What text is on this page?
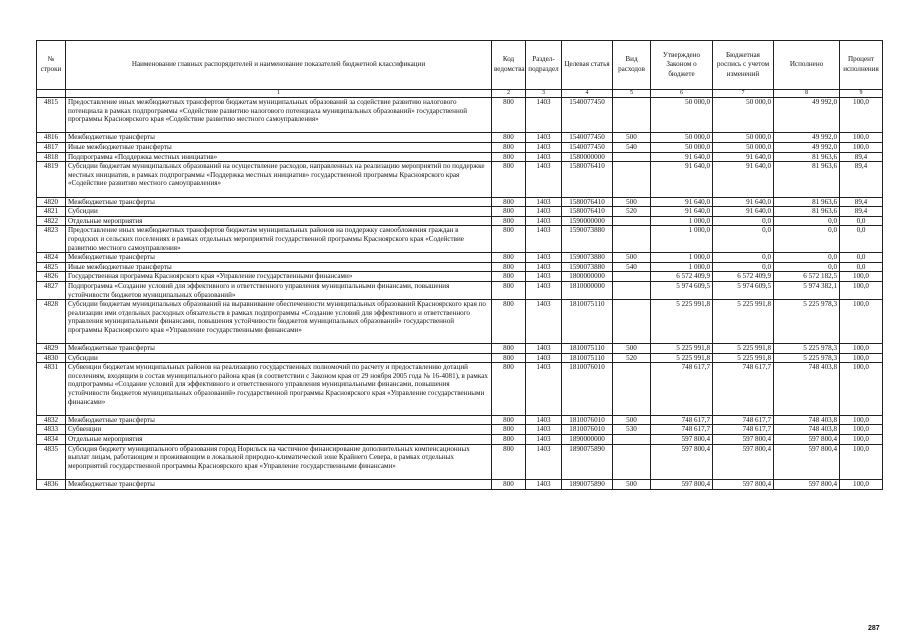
№ строки	Наименование главных распорядителей и наименование показателей бюджетной классификации	Код ведомства	Раздел-подраздел	Целевая статья	Вид расходов	Утверждено Законом о бюджете	Бюджетная роспись с учетом изменений	Исполнено	Процент исполнения
	1	2	3	4	5	6	7	8	9
4815	Предоставление иных межбюджетных трансфертов бюджетам муниципальных образований за содействие развитию налогового потенциала в рамках подпрограммы «Содействие развитию налогового потенциала муниципальных образований» государственной программы Красноярского края «Содействие развитию местного самоуправления»	800	1403	1540077450		50 000,0	50 000,0	49 992,0	100,0
4816	Межбюджетные трансферты	800	1403	1540077450	500	50 000,0	50 000,0	49 992,0	100,0
4817	Иные межбюджетные трансферты	800	1403	1540077450	540	50 000,0	50 000,0	49 992,0	100,0
4818	Подпрограмма «Поддержка местных инициатив»	800	1403	1580000000		91 640,0	91 640,0	81 963,6	89,4
4819	Субсидии бюджетам муниципальных образований на осуществление расходов, направленных на реализацию мероприятий по поддержке местных инициатив, в рамках подпрограммы «Поддержка местных инициатив» государственной программы Красноярского края «Содействие развитию местного самоуправления»	800	1403	1580076410		91 640,0	91 640,0	81 963,6	89,4
4820	Межбюджетные трансферты	800	1403	1580076410	500	91 640,0	91 640,0	81 963,6	89,4
4821	Субсидии	800	1403	1580076410	520	91 640,0	91 640,0	81 963,6	89,4
4822	Отдельные мероприятия	800	1403	1590000000		1 000,0	0,0	0,0	0,0
4823	Предоставление иных межбюджетных трансфертов бюджетам муниципальных районов на поддержку самообложения граждан в городских и сельских поселениях в рамках отдельных мероприятий государственной программы Красноярского края «Содействие развитию местного самоуправления»	800	1403	1590073880		1 000,0	0,0	0,0	0,0
4824	Межбюджетные трансферты	800	1403	1590073880	500	1 000,0	0,0	0,0	0,0
4825	Иные межбюджетные трансферты	800	1403	1590073880	540	1 000,0	0,0	0,0	0,0
4826	Государственная программа Красноярского края «Управление государственными финансами»	800	1403	1800000000		6 572 409,9	6 572 409,9	6 572 182,5	100,0
4827	Подпрограмма «Создание условий для эффективного и ответственного управления муниципальными финансами, повышения устойчивости бюджетов муниципальных образований»	800	1403	1810000000		5 974 609,5	5 974 609,5	5 974 382,1	100,0
4828	Субсидии бюджетам муниципальных образований на выравнивание обеспеченности муниципальных образований Красноярского края по реализации ими отдельных расходных обязательств в рамках подпрограммы «Создание условий для эффективного и ответственного управления муниципальными финансами, повышения устойчивости бюджетов муниципальных образований» государственной программы Красноярского края «Управление государственными финансами»	800	1403	1810075110		5 225 991,8	5 225 991,8	5 225 978,3	100,0
4829	Межбюджетные трансферты	800	1403	1810075110	500	5 225 991,8	5 225 991,8	5 225 978,3	100,0
4830	Субсидии	800	1403	1810075110	520	5 225 991,8	5 225 991,8	5 225 978,3	100,0
4831	Субвенции бюджетам муниципальных районов на реализацию государственных полномочий по расчету и предоставлению дотаций поселениям, входящим в состав муниципального района края (в соответствии с Законом края от 29 ноября 2005 года № 16-4081), в рамках подпрограммы «Создание условий для эффективного и ответственного управления муниципальными финансами, повышения устойчивости бюджетов муниципальных образований» государственной программы Красноярского края «Управление государственными финансами»	800	1403	1810076010		748 617,7	748 617,7	748 403,8	100,0
4832	Межбюджетные трансферты	800	1403	1810076010	500	748 617,7	748 617,7	748 403,8	100,0
4833	Субвенции	800	1403	1810076010	530	748 617,7	748 617,7	748 403,8	100,0
4834	Отдельные мероприятия	800	1403	1890000000		597 800,4	597 800,4	597 800,4	100,0
4835	Субсидия бюджету муниципального образования город Норильск на частичное финансирование дополнительных компенсационных выплат лицам, работающим и проживающим в локальной природно-климатической зоне Крайнего Севера, в рамках отдельных мероприятий государственной программы Красноярского края «Управление государственными финансами»	800	1403	1890075890		597 800,4	597 800,4	597 800,4	100,0
4836	Межбюджетные трансферты	800	1403	1890075890	500	597 800,4	597 800,4	597 800,4	100,0
287
